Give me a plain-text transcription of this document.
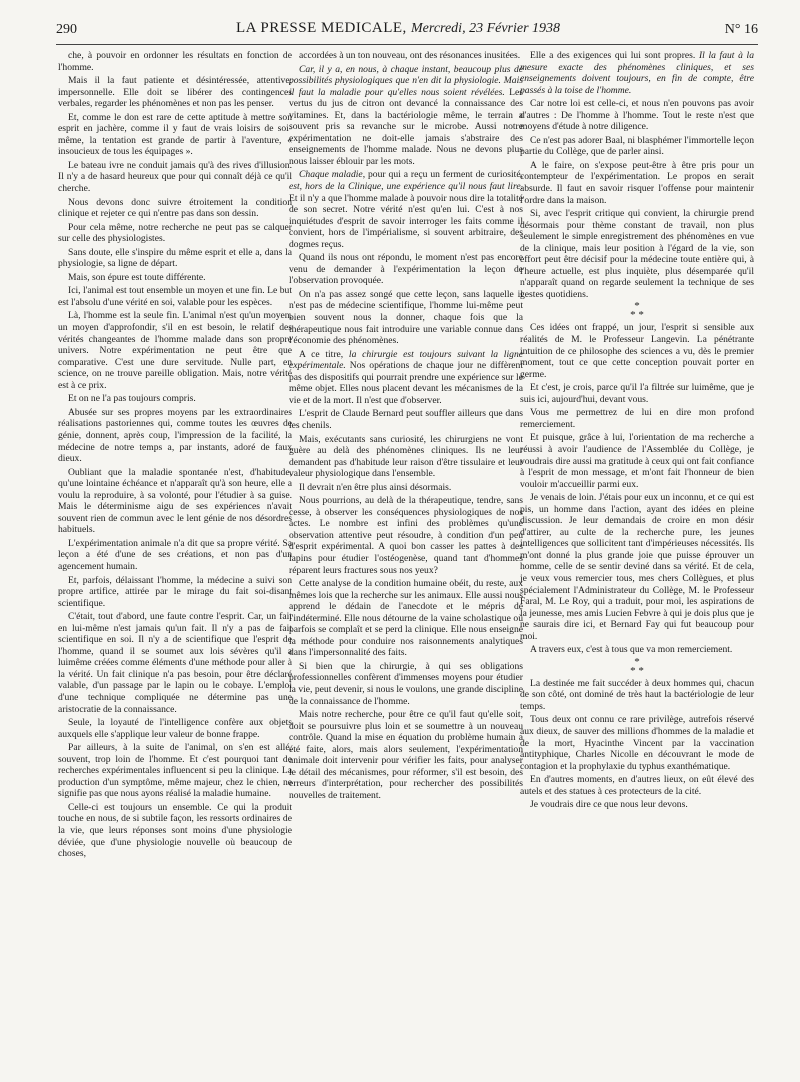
290	LA PRESSE MEDICALE, Mercredi, 23 Février 1938	N° 16

che, à pouvoir en ordonner les résultats en fonction de l'homme.

Mais il la faut patiente et désintéressée, attentive, impersonnelle. Elle doit se libérer des contingences verbales, regarder les phénomènes et non pas les penser.

Et, comme le don est rare de cette aptitude à mettre son esprit en jachère, comme il y faut de vrais loisirs de soi-même, la tentation est grande de partir à l'aventure, « insoucieux de tous les équipages ».

Le bateau ivre ne conduit jamais qu'à des rives d'illusion. Il n'y a de hasard heureux que pour qui connaît déjà ce qu'il cherche.

Nous devons donc suivre étroitement la condition clinique et rejeter ce qui n'entre pas dans son dessin.

Pour cela même, notre recherche ne peut pas se calquer sur celle des physiologistes.

Sans doute, elle s'inspire du même esprit et elle a, dans la physiologie, sa ligne de départ.

Mais, son épure est toute différente.

Ici, l'animal est tout ensemble un moyen et une fin. Le but est l'absolu d'une vérité en soi, valable pour les espèces.

Là, l'homme est la seule fin. L'animal n'est qu'un moyen, un moyen d'approfondir, s'il en est besoin, le relatif des vérités changeantes de l'homme malade dans son propre univers. Notre expérimentation ne peut être que comparative. C'est une dure servitude. Nulle part, en science, on ne trouve pareille obligation. Mais, notre vérité est à ce prix.

Et on ne l'a pas toujours compris.

Abusée sur ses propres moyens par les extraordinaires réalisations pastoriennes qui, comme toutes les œuvres de génie, donnent, après coup, l'impression de la facilité, la médecine de notre temps a, par instants, adoré de faux dieux.

Oubliant que la maladie spontanée n'est, d'habitude, qu'une lointaine échéance et n'apparaît qu'à son heure, elle a voulu la reproduire, à sa volonté, pour l'étudier à sa guise. Mais le déterminisme aigu de ses expériences n'avait souvent rien de commun avec le lent génie de nos désordres habituels.

L'expérimentation animale n'a dit que sa propre vérité. Sa leçon a été d'une de ses créations, et non pas d'un agencement humain.

Et, parfois, délaissant l'homme, la médecine a suivi son propre artifice, attirée par le mirage du fait soi-disant scientifique.

C'était, tout d'abord, une faute contre l'esprit. Car, un fait en lui-même n'est jamais qu'un fait. Il n'y a pas de fait scientifique en soi. Il n'y a de scientifique que l'esprit de l'homme, quand il se soumet aux lois sévères qu'il a luimême créées comme éléments d'une méthode pour aller à la vérité. Un fait clinique n'a pas besoin, pour être déclaré valable, d'un passage par le lapin ou le cobaye. L'emploi d'une technique compliquée ne détermine pas une aristocratie de la connaissance.

Seule, la loyauté de l'intelligence confère aux objets auxquels elle s'applique leur valeur de bonne frappe.

Par ailleurs, à la suite de l'animal, on s'en est allé, souvent, trop loin de l'homme. Et c'est pourquoi tant de recherches expérimentales influencent si peu la clinique. La production d'un symptôme, même majeur, chez le chien, ne signifie pas que nous ayons réalisé la maladie humaine.

Celle-ci est toujours un ensemble. Ce qui la produit touche en nous, de si subtile façon, les ressorts ordinaires de la vie, que leurs réponses sont moins d'une physiologie déviée, que d'une physiologie nouvelle où beaucoup de choses,

accordées à un ton nouveau, ont des résonances inusitées.

Car, il y a, en nous, à chaque instant, beaucoup plus de possibilités physiologiques que n'en dit la physiologie. Mais il faut la maladie pour qu'elles nous soient révélées. Les vertus du jus de citron ont devancé la connaissance des vitamines. Et, dans la bactériologie même, le terrain a souvent pris sa revanche sur le microbe. Aussi notre expérimentation ne doit-elle jamais s'abstraire des enseignements de l'homme malade. Nous ne devons plus nous laisser éblouir par les mots.

Chaque maladie, pour qui a reçu un ferment de curiosité, est, hors de la Clinique, une expérience qu'il nous faut lire. Et il n'y a que l'homme malade à pouvoir nous dire la totalité de son secret. Notre vérité n'est qu'en lui. C'est à nos inquiétudes d'esprit de savoir interroger les faits comme il convient, hors de l'impérialisme, si souvent arbitraire, des dogmes reçus.

Quand ils nous ont répondu, le moment n'est pas encore venu de demander à l'expérimentation la leçon de l'observation provoquée.

On n'a pas assez songé que cette leçon, sans laquelle il n'est pas de médecine scientifique, l'homme lui-même peut bien souvent nous la donner, chaque fois que la thérapeutique nous fait introduire une variable connue dans l'économie des phénomènes.

A ce titre, la chirurgie est toujours suivant la ligne expérimentale. Nos opérations de chaque jour ne diffèrent pas des dispositifs qui pourrait prendre une expérience sur le même objet. Elles nous placent devant les mécanismes de la vie et de la mort. Il n'est que d'observer.

L'esprit de Claude Bernard peut souffler ailleurs que dans les chenils.

Mais, exécutants sans curiosité, les chirurgiens ne vont guère au delà des phénomènes cliniques. Ils ne leur demandent pas d'habitude leur raison d'être tissulaire et leur valeur physiologique dans l'ensemble.

Il devrait n'en être plus ainsi désormais.

Nous pourrions, au delà de la thérapeutique, tendre, sans cesse, à observer les conséquences physiologiques de nos actes. Le nombre est infini des problèmes qu'une observation attentive peut résoudre, à condition d'un peu d'esprit expérimental. A quoi bon casser les pattes à des lapins pour étudier l'ostéogenèse, quand tant d'hommes réparent leurs fractures sous nos yeux?

Cette analyse de la condition humaine obéit, du reste, aux mêmes lois que la recherche sur les animaux. Elle aussi nous apprend le dédain de l'anecdote et le mépris de l'indéterminé. Elle nous détourne de la vaine scholastique où parfois se complaît et se perd la clinique. Elle nous enseigne la méthode pour conduire nos raisonnements analytiques dans l'impersonnalité des faits.

Si bien que la chirurgie, à qui ses obligations professionnelles confèrent d'immenses moyens pour étudier la vie, peut devenir, si nous le voulons, une grande discipline de la connaissance de l'homme.

Mais notre recherche, pour être ce qu'il faut qu'elle soit, doit se poursuivre plus loin et se soumettre à un nouveau contrôle. Quand la mise en équation du problème humain a été faite, alors, mais alors seulement, l'expérimentation animale doit intervenir pour vérifier les faits, pour analyser le détail des mécanismes, pour réformer, s'il est besoin, des erreurs d'interprétation, pour rechercher des possibilités nouvelles de traitement.

Elle a des exigences qui lui sont propres. Il la faut à la mesure exacte des phénomènes cliniques, et ses enseignements doivent toujours, en fin de compte, être passés à la toise de l'homme.

Car notre loi est celle-ci, et nous n'en pouvons pas avoir d'autres : De l'homme à l'homme. Tout le reste n'est que moyens d'étude à notre diligence.

Ce n'est pas adorer Baal, ni blasphémer l'immortelle leçon partie du Collège, que de parler ainsi.

A le faire, on s'expose peut-être à être pris pour un contempteur de l'expérimentation. Le propos en serait absurde. Il faut en savoir risquer l'offense pour maintenir l'ordre dans la maison.

Si, avec l'esprit critique qui convient, la chirurgie prend désormais pour thème constant de travail, non plus seulement le simple enregistrement des phénomènes en vue de la clinique, mais leur position à l'égard de la vie, son effort peut être décisif pour la médecine toute entière qui, à l'heure actuelle, est plus inquiète, plus désemparée qu'il n'apparaît quand on regarde seulement la technique de ses gestes quotidiens.

*
* *

Ces idées ont frappé, un jour, l'esprit si sensible aux réalités de M. le Professeur Langevin. La pénétrante intuition de ce philosophe des sciences a vu, dès le premier moment, tout ce que cette conception pouvait porter en germe.

Et c'est, je crois, parce qu'il l'a filtrée sur luimême, que je suis ici, aujourd'hui, devant vous.

Vous me permettrez de lui en dire mon profond remerciement.

Et puisque, grâce à lui, l'orientation de ma recherche a réussi à avoir l'audience de l'Assemblée du Collège, je voudrais dire aussi ma gratitude à ceux qui ont fait confiance à l'esprit de mon message, et m'ont fait l'honneur de bien vouloir m'accueillir parmi eux.

Je venais de loin. J'étais pour eux un inconnu, et ce qui est pis, un homme dans l'action, ayant des idées en pleine discussion. Je leur demandais de croire en mon désir d'attirer, au culte de la recherche pure, les jeunes intelligences que sollicitent tant d'impérieuses nécessités. Ils m'ont donné la plus grande joie que puisse éprouver un homme, celle de se sentir deviné dans sa vérité. Et de cela, je veux vous remercier tous, mes chers Collègues, et plus spécialement l'Administrateur du Collège, M. le Professeur Faral, M. Le Roy, qui a traduit, pour moi, les aspirations de la jeunesse, mes amis Lucien Febvre à qui je dois plus que je ne saurais dire ici, et Bernard Fay qui fut beaucoup pour moi.

A travers eux, c'est à tous que va mon remerciement.

*
* *

La destinée me fait succéder à deux hommes qui, chacun de son côté, ont dominé de très haut la bactériologie de leur temps.

Tous deux ont connu ce rare privilège, autrefois réservé aux dieux, de sauver des millions d'hommes de la maladie et de la mort, Hyacinthe Vincent par la vaccination antityphique, Charles Nicolle en découvrant le mode de contagion et la prophylaxie du typhus exanthématique.

En d'autres moments, en d'autres lieux, on eût élevé des autels et des statues à ces protecteurs de la cité.

Je voudrais dire ce que nous leur devons.
